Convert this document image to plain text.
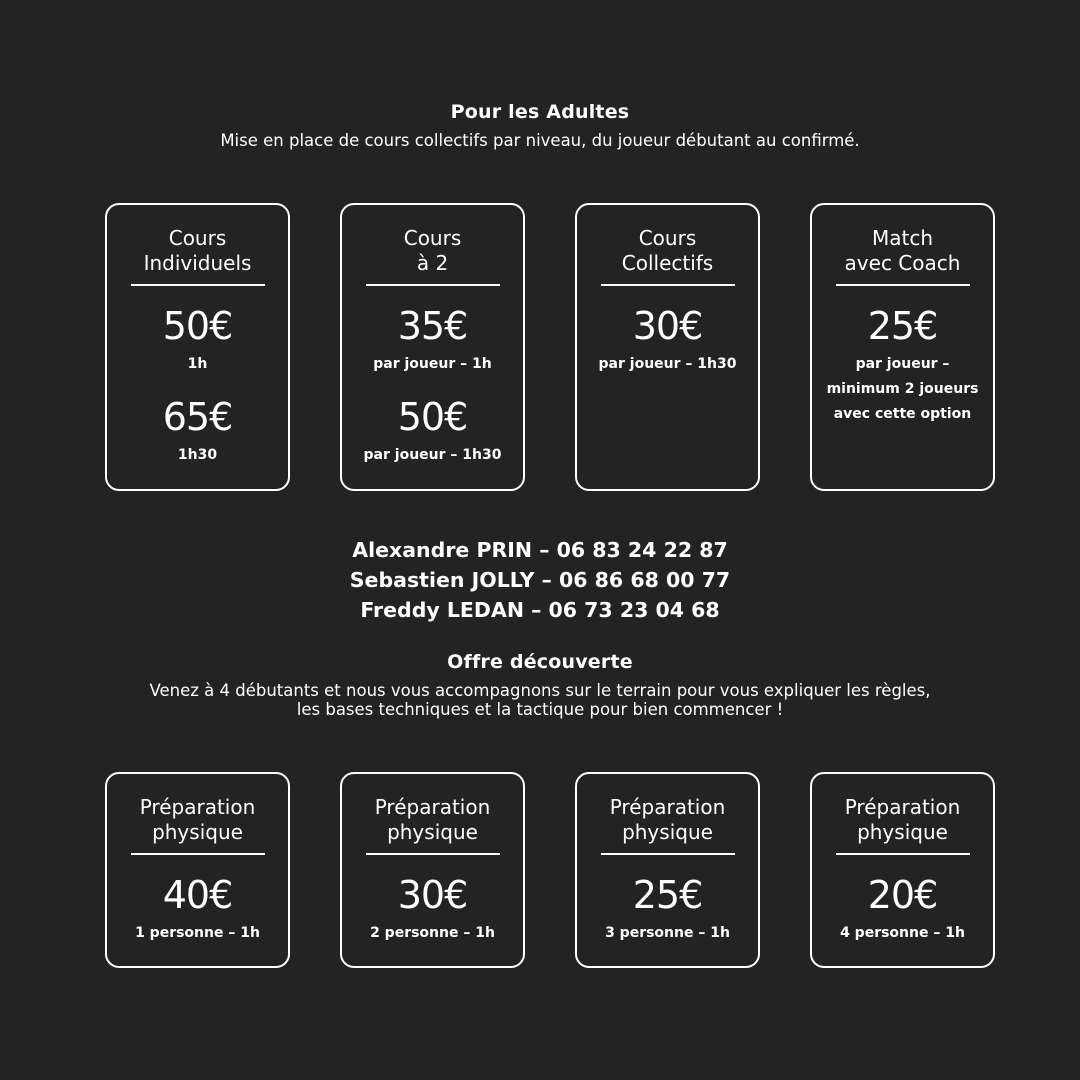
Pour les Adultes
Mise en place de cours collectifs par niveau, du joueur débutant au confirmé.
Cours
Individuels
50€
1h
65€
1h30
Cours
à 2
35€
par joueur – 1h
50€
par joueur – 1h30
Cours
Collectifs
30€
par joueur – 1h30
Match
avec Coach
25€
par joueur –
minimum 2 joueurs
avec cette option
Alexandre PRIN – 06 83 24 22 87
Sebastien JOLLY – 06 86 68 00 77
Freddy LEDAN – 06 73 23 04 68
Offre découverte
Venez à 4 débutants et nous vous accompagnons sur le terrain pour vous expliquer les règles,
les bases techniques et la tactique pour bien commencer !
Préparation
physique
40€
1 personne – 1h
Préparation
physique
30€
2 personne – 1h
Préparation
physique
25€
3 personne – 1h
Préparation
physique
20€
4 personne – 1h
